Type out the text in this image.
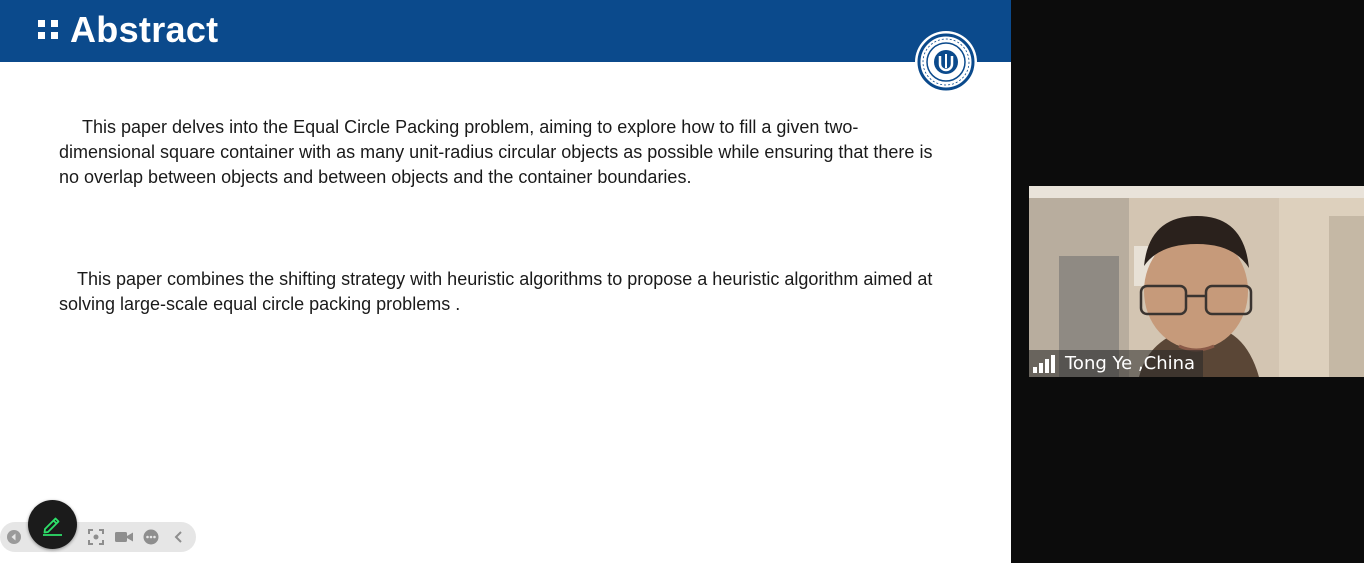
Abstract

This paper delves into the Equal Circle Packing problem, aiming to explore how to fill a given two-dimensional square container with as many unit-radius circular objects as possible while ensuring that there is no overlap between objects and between objects and the container boundaries.

This paper combines the shifting strategy with heuristic algorithms to propose a heuristic algorithm aimed at solving large-scale equal circle packing problems .

Tong Ye ,China
